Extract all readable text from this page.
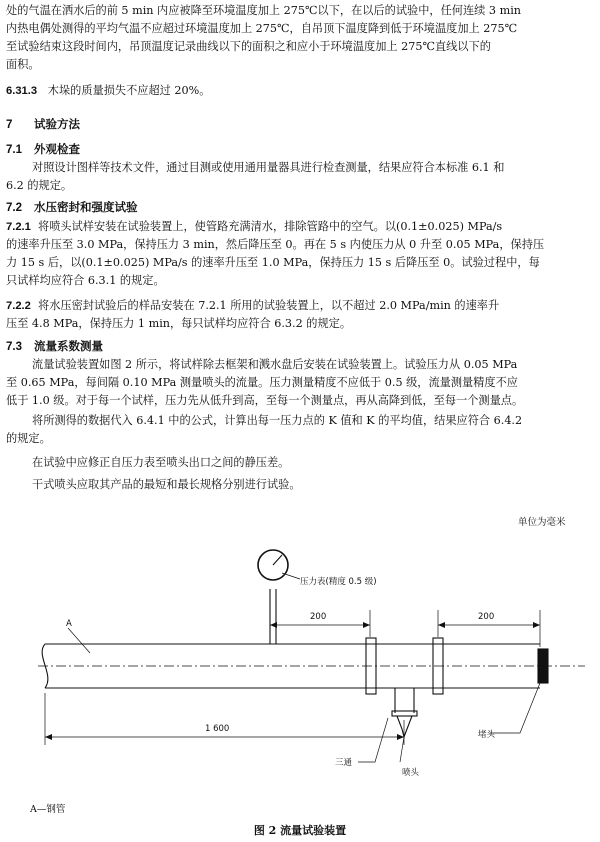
处的气温在洒水后的前 5 min 内应被降至环境温度加上 275℃以下，在以后的试验中，任何连续 3 min
内热电偶处测得的平均气温不应超过环境温度加上 275℃，自吊顶下温度降到低于环境温度加上 275℃
至试验结束这段时间内，吊顶温度记录曲线以下的面积之和应小于环境温度加上 275℃直线以下的
面积。
6.31.3 木垛的质量损失不应超过 20%。
7 试验方法
7.1 外观检查
对照设计图样等技术文件，通过目测或使用通用量器具进行检查测量，结果应符合本标准 6.1 和
6.2 的规定。
7.2 水压密封和强度试验
7.2.1 将喷头试样安装在试验装置上，使管路充满清水，排除管路中的空气。以(0.1±0.025) MPa/s
的速率升压至 3.0 MPa，保持压力 3 min，然后降压至 0。再在 5 s 内使压力从 0 升至 0.05 MPa，保持压
力 15 s 后，以(0.1±0.025) MPa/s 的速率升压至 1.0 MPa，保持压力 15 s 后降压至 0。试验过程中，每
只试样均应符合 6.3.1 的规定。
7.2.2 将水压密封试验后的样品安装在 7.2.1 所用的试验装置上，以不超过 2.0 MPa/min 的速率升
压至 4.8 MPa，保持压力 1 min，每只试样均应符合 6.3.2 的规定。
7.3 流量系数测量
流量试验装置如图 2 所示，将试样除去框架和溅水盘后安装在试验装置上。试验压力从 0.05 MPa
至 0.65 MPa，每间隔 0.10 MPa 测量喷头的流量。压力测量精度不应低于 0.5 级，流量测量精度不应
低于 1.0 级。对于每一个试样，压力先从低升到高，至每一个测量点，再从高降到低，至每一个测量点。
将所测得的数据代入 6.4.1 中的公式，计算出每一压力点的 K 值和 K 的平均值，结果应符合 6.4.2
的规定。
在试验中应修正自压力表至喷头出口之间的静压差。
干式喷头应取其产品的最短和最长规格分别进行试验。
单位为毫米
压力表(精度 0.5 级)
200	200
1 600
A
三通
喷头
堵头
A—钢管
图 2 流量试验装置
